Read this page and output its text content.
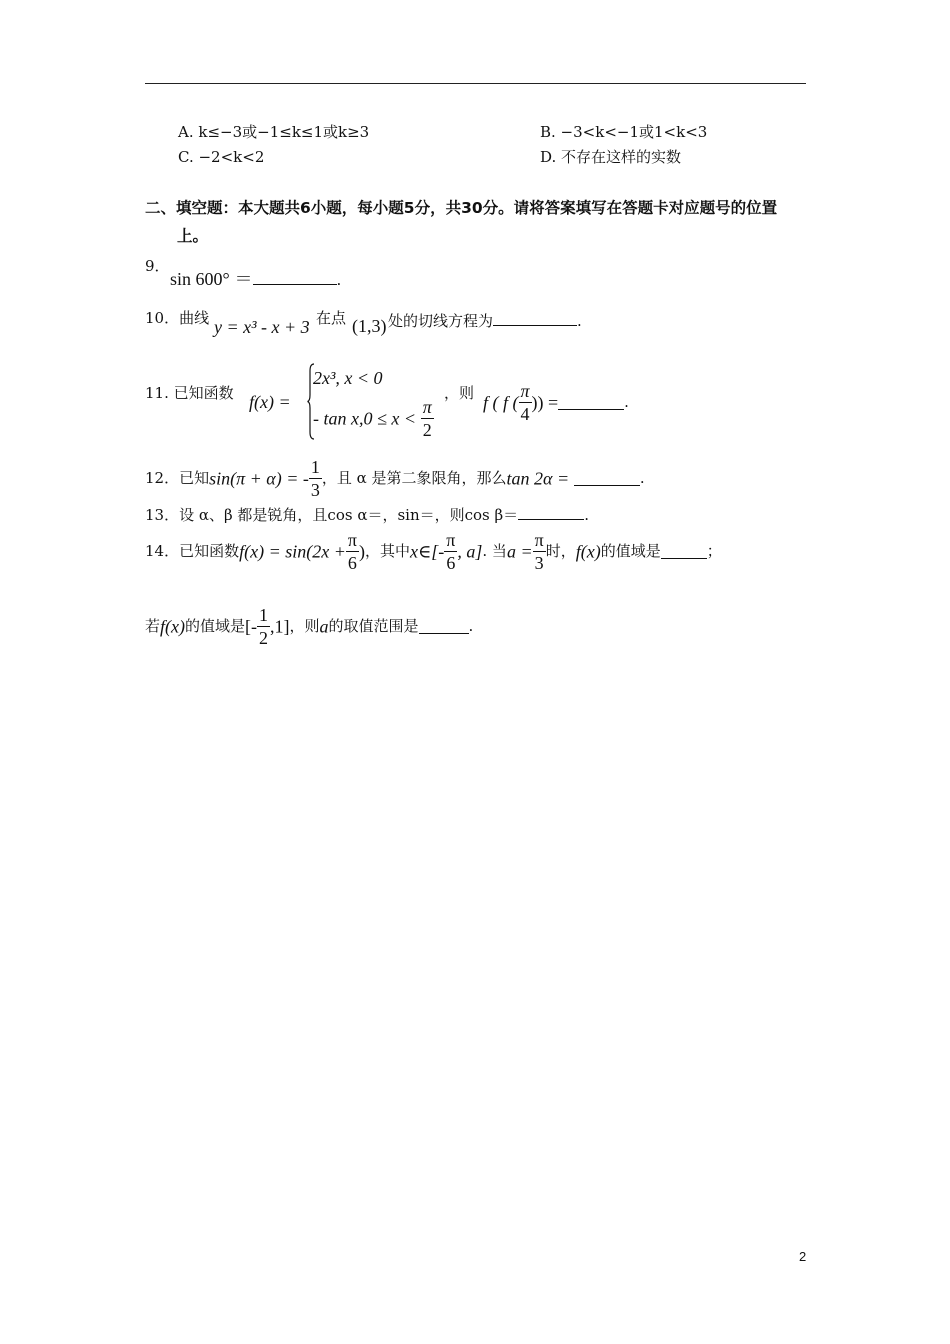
A. k≤−3或−1≤k≤1或k≥3	B. −3<k<−1或1<k<3
C. −2<k<2	D. 不存在这样的实数
二、填空题：本大题共6小题，每小题5分，共30分。请将答案填写在答题卡对应题号的位置
上。
9．
sin 600° ＝	.
10．曲线 y = x³ - x + 3 在点 (1,3) 处的切线方程为	.
11. 已知函数 f(x) =
2x³, x < 0
- $\tan x,0 \le x < \frac{\pi}{2}$
，则 f ( f ( $\frac{\pi}{4}$ )) =	.
12．已知sin(π + α) = - $\frac{1}{3}$ ，且 α 是第二象限角，那么tan 2α =	.
13．设 α、β 都是锐角，且cos α＝，sin＝，则cos β＝	.
14．已知函数$f(x) = \sin(2x + \frac{\pi}{6}$ )，其中x∈[- $\frac{\pi}{6}$ , a]. 当$a = \frac{\pi}{3}$ 时，f(x)的值域是	；
若f(x)的值域是[- $\frac{1}{2} ,1$]，则a的取值范围是	.
2
